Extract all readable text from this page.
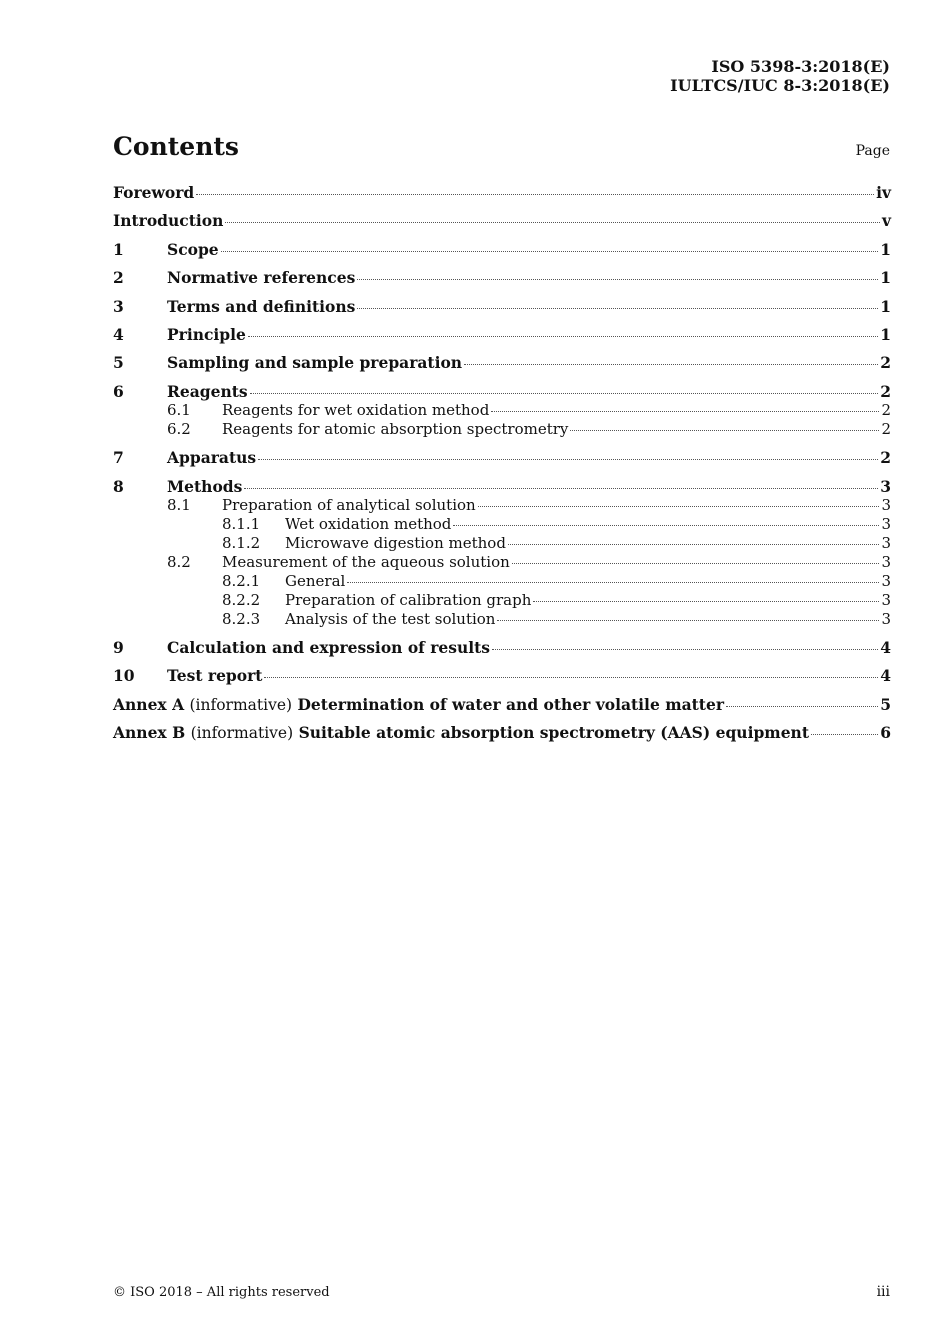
ISO 5398-3:2018(E)
IULTCS/IUC 8-3:2018(E)
Contents	Page
Foreword	iv
Introduction	v
1	Scope	1
2	Normative references	1
3	Terms and definitions	1
4	Principle	1
5	Sampling and sample preparation	2
6	Reagents	2
6.1	Reagents for wet oxidation method	2
6.2	Reagents for atomic absorption spectrometry	2
7	Apparatus	2
8	Methods	3
8.1	Preparation of analytical solution	3
8.1.1	Wet oxidation method	3
8.1.2	Microwave digestion method	3
8.2	Measurement of the aqueous solution	3
8.2.1	General	3
8.2.2	Preparation of calibration graph	3
8.2.3	Analysis of the test solution	3
9	Calculation and expression of results	4
10	Test report	4
Annex A (informative) Determination of water and other volatile matter	5
Annex B (informative) Suitable atomic absorption spectrometry (AAS) equipment	6
© ISO 2018 – All rights reserved	iii
